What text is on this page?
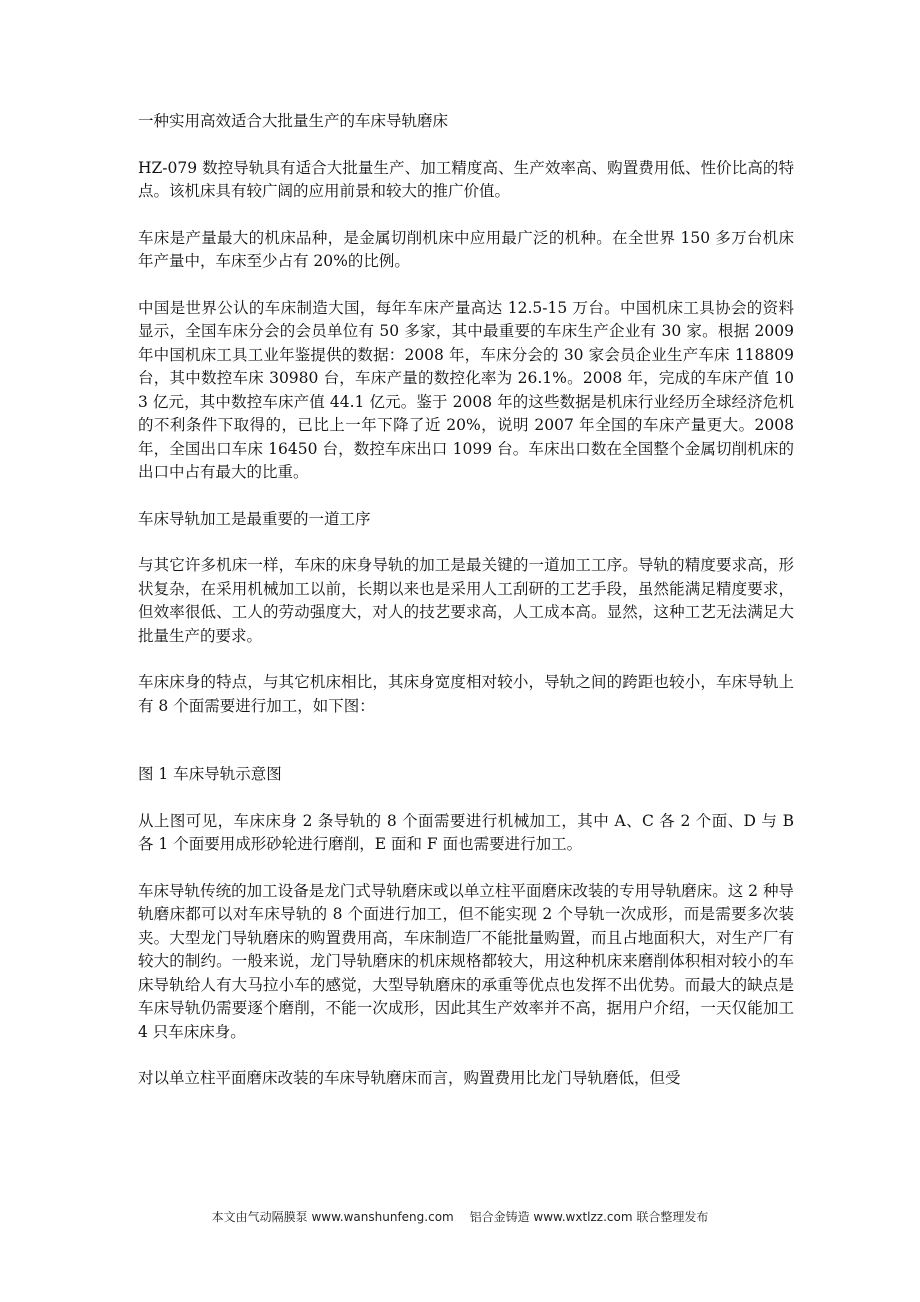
一种实用高效适合大批量生产的车床导轨磨床

HZ-079 数控导轨具有适合大批量生产、加工精度高、生产效率高、购置费用低、性价比高的特点。该机床具有较广阔的应用前景和较大的推广价值。

车床是产量最大的机床品种，是金属切削机床中应用最广泛的机种。在全世界 150 多万台机床年产量中，车床至少占有 20%的比例。

中国是世界公认的车床制造大国，每年车床产量高达 12.5-15 万台。中国机床工具协会的资料显示，全国车床分会的会员单位有 50 多家，其中最重要的车床生产企业有 30 家。根据 2009 年中国机床工具工业年鉴提供的数据：2008 年，车床分会的 30 家会员企业生产车床 118809 台，其中数控车床 30980 台，车床产量的数控化率为 26.1%。2008 年，完成的车床产值 103 亿元，其中数控车床产值 44.1 亿元。鉴于 2008 年的这些数据是机床行业经历全球经济危机的不利条件下取得的，已比上一年下降了近 20%，说明 2007 年全国的车床产量更大。2008 年，全国出口车床 16450 台，数控车床出口 1099 台。车床出口数在全国整个金属切削机床的出口中占有最大的比重。

车床导轨加工是最重要的一道工序

与其它许多机床一样，车床的床身导轨的加工是最关键的一道加工工序。导轨的精度要求高，形状复杂，在采用机械加工以前，长期以来也是采用人工刮研的工艺手段，虽然能满足精度要求，但效率很低、工人的劳动强度大，对人的技艺要求高，人工成本高。显然，这种工艺无法满足大批量生产的要求。

车床床身的特点，与其它机床相比，其床身宽度相对较小，导轨之间的跨距也较小，车床导轨上有 8 个面需要进行加工，如下图：

图 1 车床导轨示意图

从上图可见，车床床身 2 条导轨的 8 个面需要进行机械加工，其中 A、C 各 2 个面、D 与 B 各 1 个面要用成形砂轮进行磨削，E 面和 F 面也需要进行加工。

车床导轨传统的加工设备是龙门式导轨磨床或以单立柱平面磨床改装的专用导轨磨床。这 2 种导轨磨床都可以对车床导轨的 8 个面进行加工，但不能实现 2 个导轨一次成形，而是需要多次装夹。大型龙门导轨磨床的购置费用高，车床制造厂不能批量购置，而且占地面积大，对生产厂有较大的制约。一般来说，龙门导轨磨床的机床规格都较大，用这种机床来磨削体积相对较小的车床导轨给人有大马拉小车的感觉，大型导轨磨床的承重等优点也发挥不出优势。而最大的缺点是车床导轨仍需要逐个磨削，不能一次成形，因此其生产效率并不高，据用户介绍，一天仅能加工 4 只车床床身。

对以单立柱平面磨床改装的车床导轨磨床而言，购置费用比龙门导轨磨低，但受

本文由气动隔膜泵 www.wanshunfeng.com 铝合金铸造 www.wxtlzz.com 联合整理发布
